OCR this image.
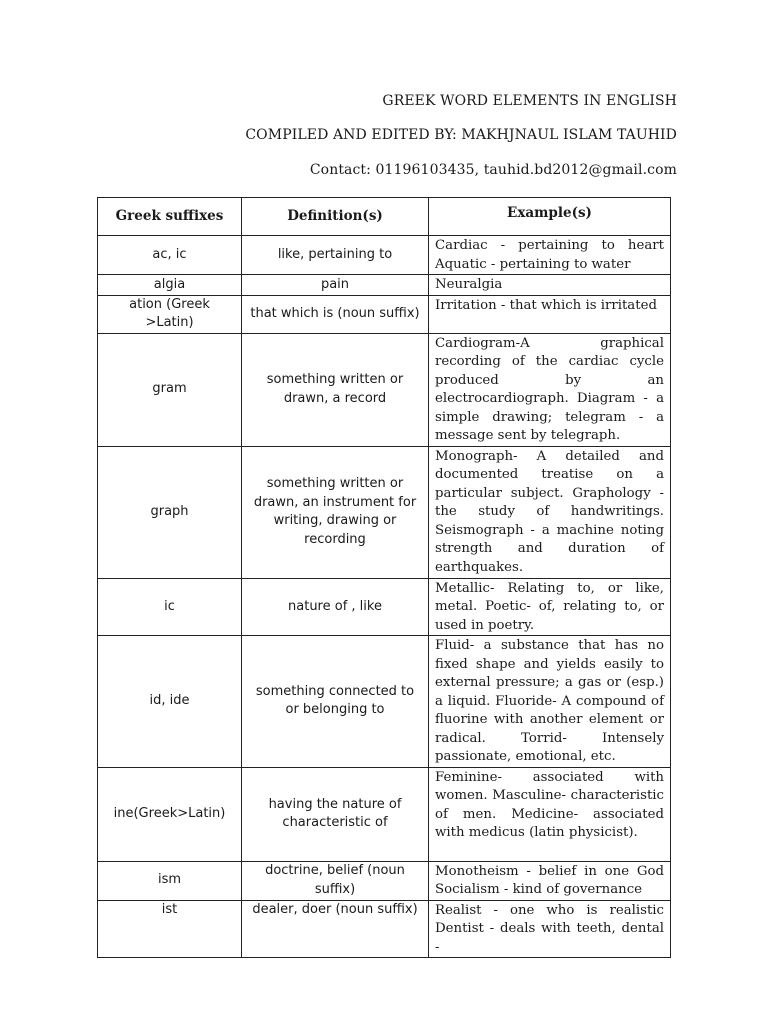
GREEK WORD ELEMENTS IN ENGLISH
COMPILED AND EDITED BY: MAKHJNAUL ISLAM TAUHID
Contact: 01196103435, tauhid.bd2012@gmail.com
Greek suffixes	Definition(s)	Example(s)
ac, ic	like, pertaining to	Cardiac - pertaining to heart Aquatic - pertaining to water
algia	pain	Neuralgia
ation (Greek >Latin)	that which is (noun suffix)	Irritation - that which is irritated
gram	something written or drawn, a record	Cardiogram-A graphical recording of the cardiac cycle produced by an electrocardiograph. Diagram - a simple drawing; telegram - a message sent by telegraph.
graph	something written or drawn, an instrument for writing, drawing or recording	Monograph- A detailed and documented treatise on a particular subject. Graphology - the study of handwritings. Seismograph - a machine noting strength and duration of earthquakes.
ic	nature of , like	Metallic- Relating to, or like, metal. Poetic- of, relating to, or used in poetry.
id, ide	something connected to or belonging to	Fluid- a substance that has no fixed shape and yields easily to external pressure; a gas or (esp.) a liquid. Fluoride- A compound of fluorine with another element or radical. Torrid- Intensely passionate, emotional, etc.
ine(Greek>Latin)	having the nature of characteristic of	Feminine- associated with women. Masculine- characteristic of men. Medicine- associated with medicus (latin physicist).
ism	doctrine, belief (noun suffix)	Monotheism - belief in one God Socialism - kind of governance
ist	dealer, doer (noun suffix)	Realist - one who is realistic Dentist - deals with teeth, dental -
